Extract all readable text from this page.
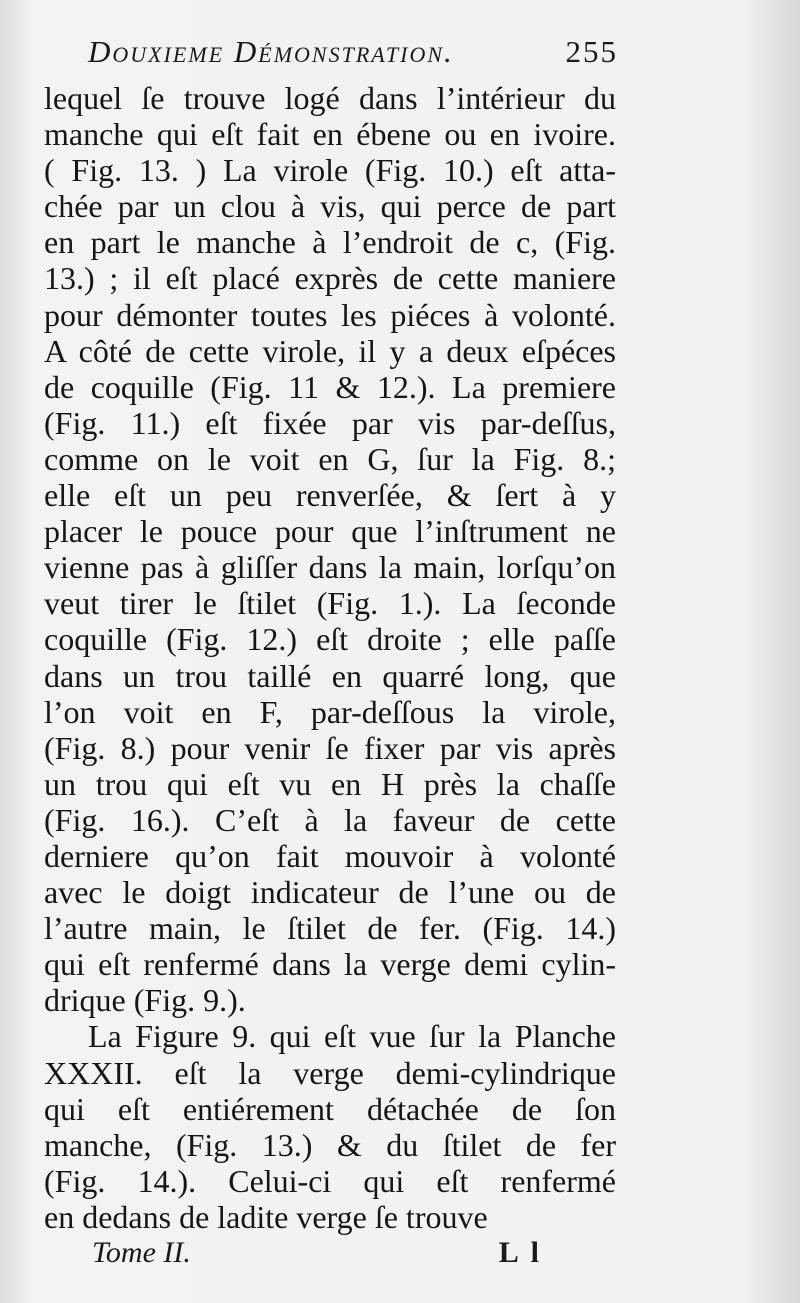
Douxieme Démonstration.	255
lequel ſe trouve logé dans l’intérieur du
manche qui eſt fait en ébene ou en ivoire.
( Fig. 13. ) La virole (Fig. 10.) eſt atta-
chée par un clou à vis, qui perce de part
en part le manche à l’endroit de c, (Fig.
13.) ; il eſt placé exprès de cette maniere
pour démonter toutes les piéces à volonté.
A côté de cette virole, il y a deux eſpéces
de coquille (Fig. 11 & 12.). La premiere
(Fig. 11.) eſt fixée par vis par-deſſus,
comme on le voit en G, ſur la Fig. 8.;
elle eſt un peu renverſée, & ſert à y
placer le pouce pour que l’inſtrument ne
vienne pas à gliſſer dans la main, lorſqu’on
veut tirer le ſtilet (Fig. 1.). La ſeconde
coquille (Fig. 12.) eſt droite ; elle paſſe
dans un trou taillé en quarré long, que
l’on voit en F, par-deſſous la virole,
(Fig. 8.) pour venir ſe fixer par vis après
un trou qui eſt vu en H près la chaſſe
(Fig. 16.). C’eſt à la faveur de cette
derniere qu’on fait mouvoir à volonté
avec le doigt indicateur de l’une ou de
l’autre main, le ſtilet de fer. (Fig. 14.)
qui eſt renfermé dans la verge demi cylin-
drique (Fig. 9.).
La Figure 9. qui eſt vue ſur la Planche
XXXII. eſt la verge demi-cylindrique
qui eſt entiérement détachée de ſon
manche, (Fig. 13.) & du ſtilet de fer
(Fig. 14.). Celui-ci qui eſt renfermé
en dedans de ladite verge ſe trouve
Tome II.	L l
